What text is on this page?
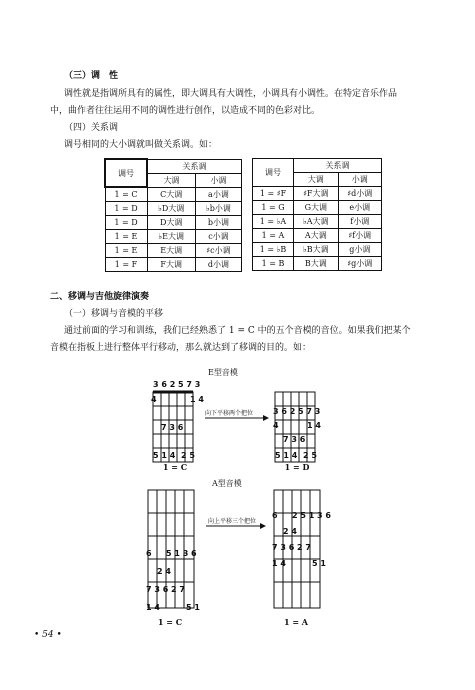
（三）调　性
调性就是指调所具有的属性，即大调具有大调性，小调具有小调性。在特定音乐作品
中，曲作者往往运用不同的调性进行创作，以造成不同的色彩对比。
（四）关系调
调号相同的大小调就叫做关系调。如：
调号	关系调	
	大调	小调
1 = C	C大调	a小调
1 = D	♭D大调	♭b小调
1 = D	D大调	b小调
1 = E	♭E大调	c小调
1 = E	E大调	♯c小调
1 = F	F大调	d小调
调号	关系调	
	大调	小调
1 = ♯F	♯F大调	♯d小调
1 = G	G大调	e小调
1 = ♭A	♭A大调	f小调
1 = A	A大调	♯f小调
1 = ♭B	♭B大调	g小调
1 = B	B大调	♯g小调
二、移调与吉他旋律演奏
（一）移调与音模的平移
通过前面的学习和训练，我们已经熟悉了 1 = C 中的五个音模的音位。如果我们把某个
音模在指板上进行整体平行移动，那么就达到了移调的目的。如：
E型音模
3 6 2 5 7 3
4	1 4
7 3 6
5 1 4 2 5
3 6 2 5 7 3
4	1 4
7 3 6
5 1 4 2 5
向下平移两个把位
1 = C	1 = D
A型音模
6 5 1 3 6
2 4
7 3 6 2 7
1 4	5 1
6 2 5 1 3 6
2 4
7 3 6 2 7
1 4	5 1
向上平移三个把位
1 = C	1 = A
• 54 •
